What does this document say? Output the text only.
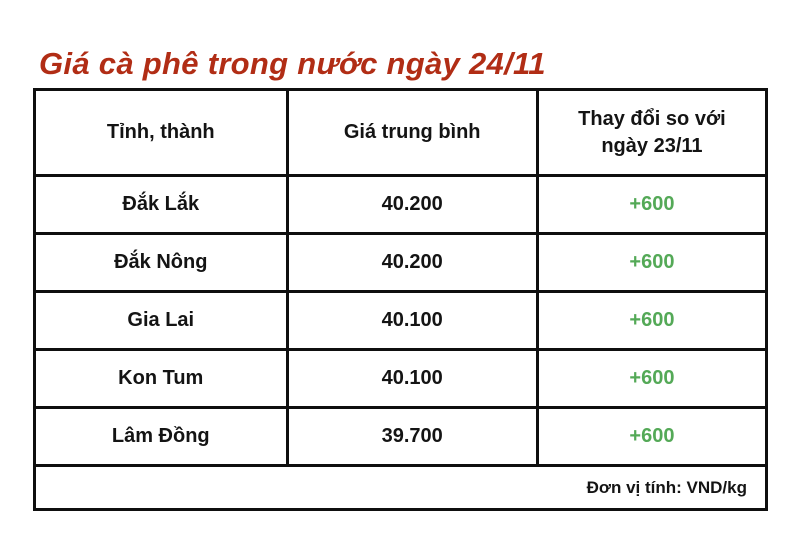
Giá cà phê trong nước ngày 24/11
Tỉnh, thành	Giá trung bình	Thay đổi so với ngày 23/11
Đắk Lắk	40.200	+600
Đắk Nông	40.200	+600
Gia Lai	40.100	+600
Kon Tum	40.100	+600
Lâm Đồng	39.700	+600
Đơn vị tính: VND/kg		
